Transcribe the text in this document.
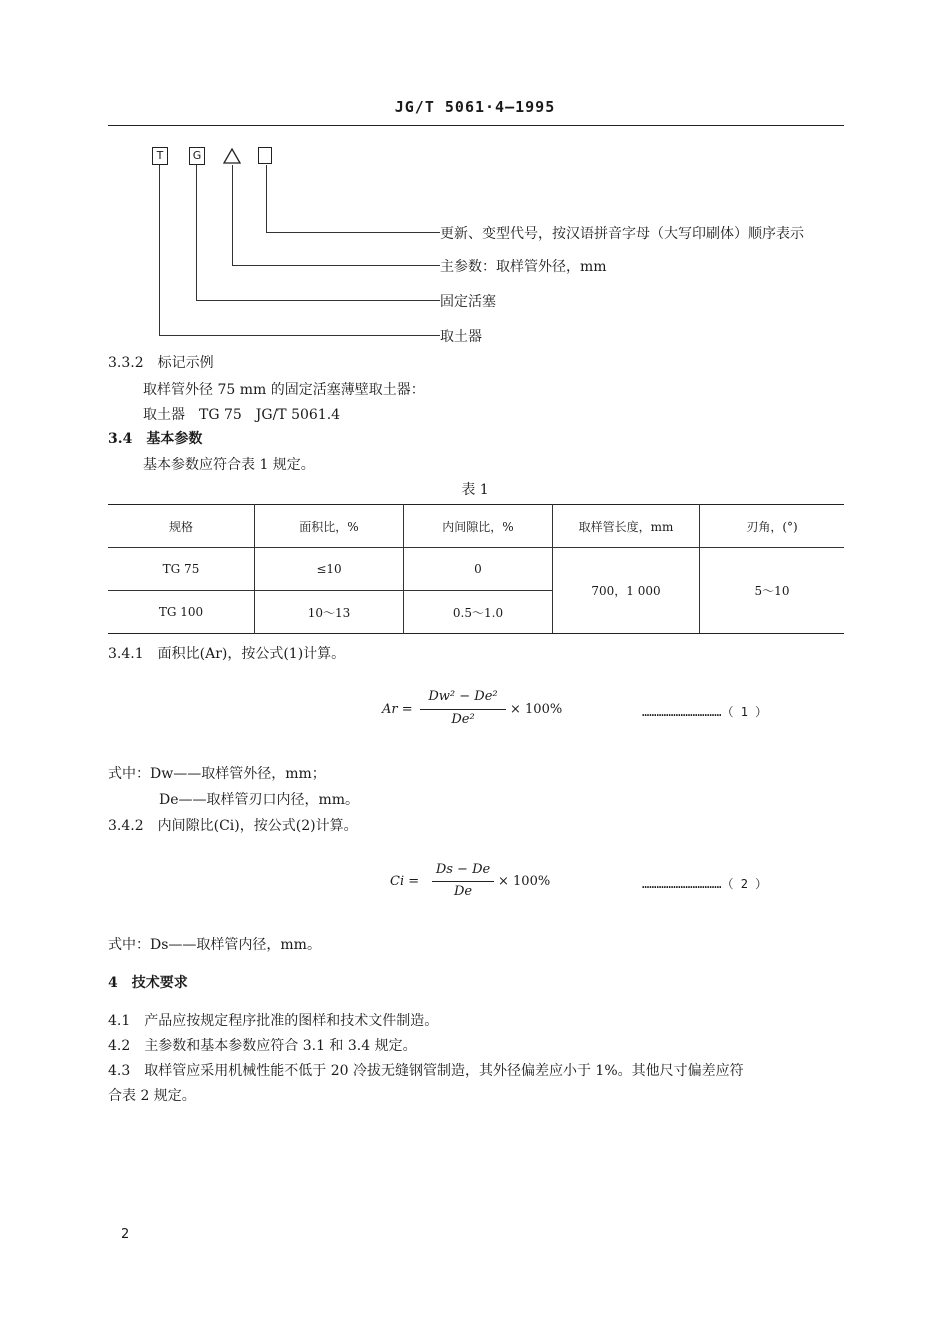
JG/T 5061·4—1995
T	G
更新、变型代号，按汉语拼音字母（大写印刷体）顺序表示
主参数：取样管外径，mm
固定活塞
取土器
3.3.2　标记示例
取样管外径 75 mm 的固定活塞薄壁取土器：
取土器　TG 75　JG/T 5061.4
3.4　基本参数
基本参数应符合表 1 规定。
表 1
规格	面积比，%	内间隙比，%	取样管长度，mm	刃角，(°)
TG 75	≤10	0	700，1 000	5～10
TG 100	10～13	0.5～1.0		
3.4.1　面积比(Ar)，按公式(1)计算。
Ar =
Dw² − De²
De²
× 100%	……………………………（ 1 ）
式中：Dw——取样管外径，mm；
De——取样管刃口内径，mm。
3.4.2　内间隙比(Ci)，按公式(2)计算。
Ci =
Ds − De
De
× 100%	……………………………（ 2 ）
式中：Ds——取样管内径，mm。
4　技术要求
4.1　产品应按规定程序批准的图样和技术文件制造。
4.2　主参数和基本参数应符合 3.1 和 3.4 规定。
4.3　取样管应采用机械性能不低于 20 冷拔无缝钢管制造，其外径偏差应小于 1%。其他尺寸偏差应符
合表 2 规定。
2
